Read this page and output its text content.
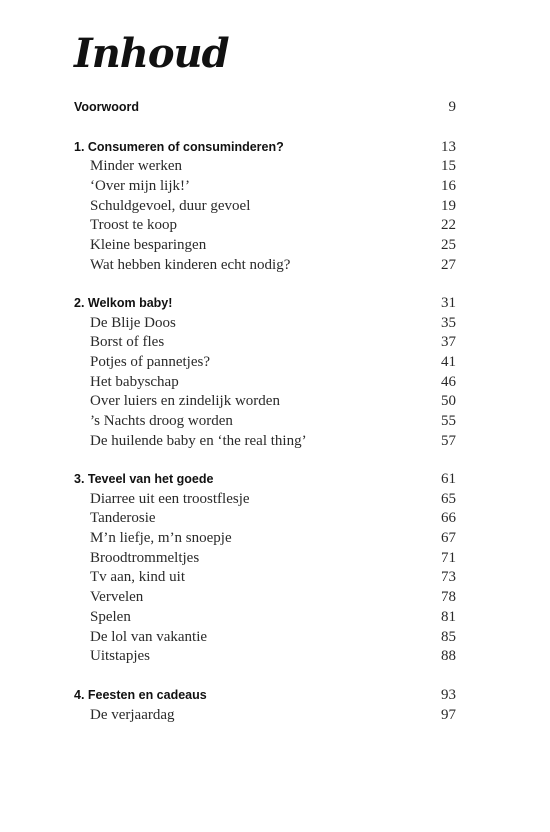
Inhoud
Voorwoord	9
1. Consumeren of consuminderen?	13
Minder werken	15
‘Over mijn lijk!’	16
Schuldgevoel, duur gevoel	19
Troost te koop	22
Kleine besparingen	25
Wat hebben kinderen echt nodig?	27
2. Welkom baby!	31
De Blije Doos	35
Borst of fles	37
Potjes of pannetjes?	41
Het babyschap	46
Over luiers en zindelijk worden	50
’s Nachts droog worden	55
De huilende baby en ‘the real thing’	57
3. Teveel van het goede	61
Diarree uit een troostflesje	65
Tanderosie	66
M’n liefje, m’n snoepje	67
Broodtrommeltjes	71
Tv aan, kind uit	73
Vervelen	78
Spelen	81
De lol van vakantie	85
Uitstapjes	88
4. Feesten en cadeaus	93
De verjaardag	97
